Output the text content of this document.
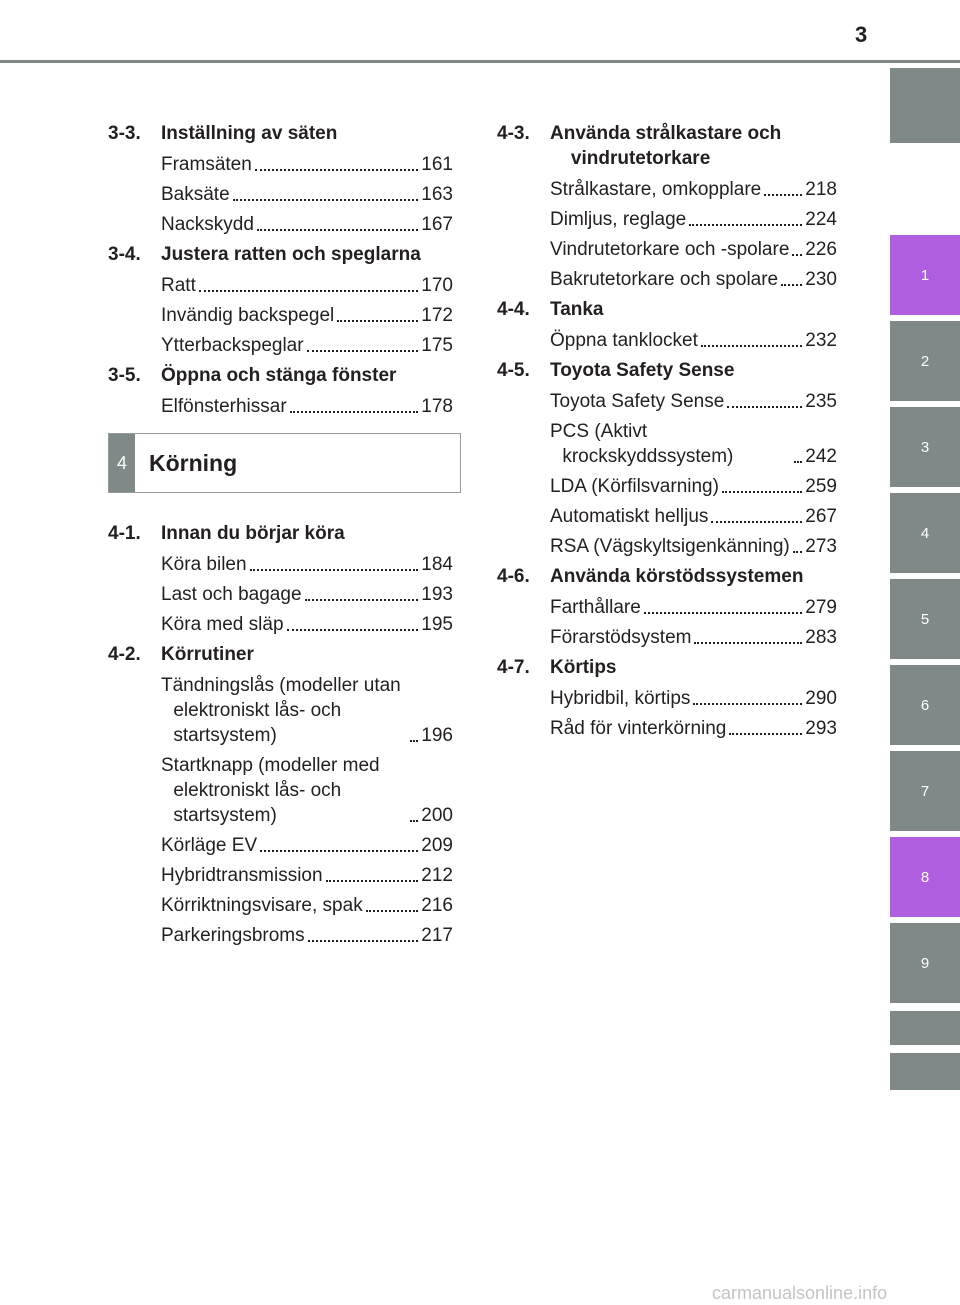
3
1
2
3
4
5
6
7
8
9
3-3.	Inställning av säten
Framsäten	161
Baksäte	163
Nackskydd	167
3-4.	Justera ratten och speglarna
Ratt	170
Invändig backspegel	172
Ytterbackspeglar	175
3-5.	Öppna och stänga fönster
Elfönsterhissar	178
4 Körning
4-1.	Innan du börjar köra
Köra bilen	184
Last och bagage	193
Köra med släp	195
4-2.	Körrutiner
Tändningslås (modeller utan elektroniskt lås- och startsystem)	196
Startknapp (modeller med elektroniskt lås- och startsystem)	200
Körläge EV	209
Hybridtransmission	212
Körriktningsvisare, spak	216
Parkeringsbroms	217
4-3.	Använda strålkastare och vindrutetorkare
Strålkastare, omkopplare 218
Dimljus, reglage	224
Vindrutetorkare och -spolare 226
Bakrutetorkare och spolare 230
4-4.	Tanka
Öppna tanklocket	232
4-5.	Toyota Safety Sense
Toyota Safety Sense	235
PCS (Aktivt krockskyddssystem)	242
LDA (Körfilsvarning)	259
Automatiskt helljus	267
RSA (Vägskyltsigenkänning) 273
4-6.	Använda körstödssystemen
Farthållare	279
Förarstödsystem	283
4-7.	Körtips
Hybridbil, körtips	290
Råd för vinterkörning	293
carmanualsonline.info
